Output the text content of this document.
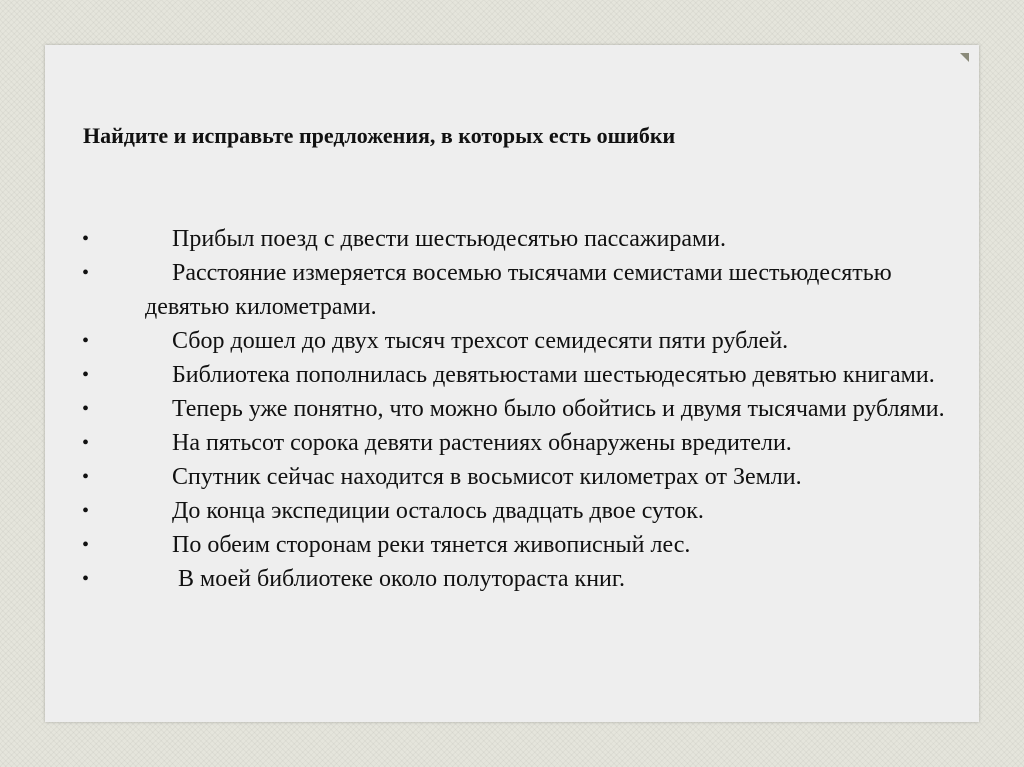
Найдите и исправьте предложения, в которых есть ошибки
•	Прибыл поезд с двести шестьюдесятью пассажирами.
•	Расстояние измеряется восемью тысячами семистами шестьюдесятью девятью километрами.
•	Сбор дошел до двух тысяч трехсот семидесяти пяти рублей.
•	Библиотека пополнилась девятьюстами шестьюдесятью девятью книгами.
•	Теперь уже понятно, что можно было обойтись и двумя тысячами рублями.
•	На пятьсот сорока девяти растениях обнаружены вредители.
•	Спутник сейчас находится в восьмисот километрах от Земли.
•	До конца экспедиции осталось двадцать двое суток.
•	По обеим сторонам реки тянется живописный лес.
•	В моей библиотеке около полутораста книг.
